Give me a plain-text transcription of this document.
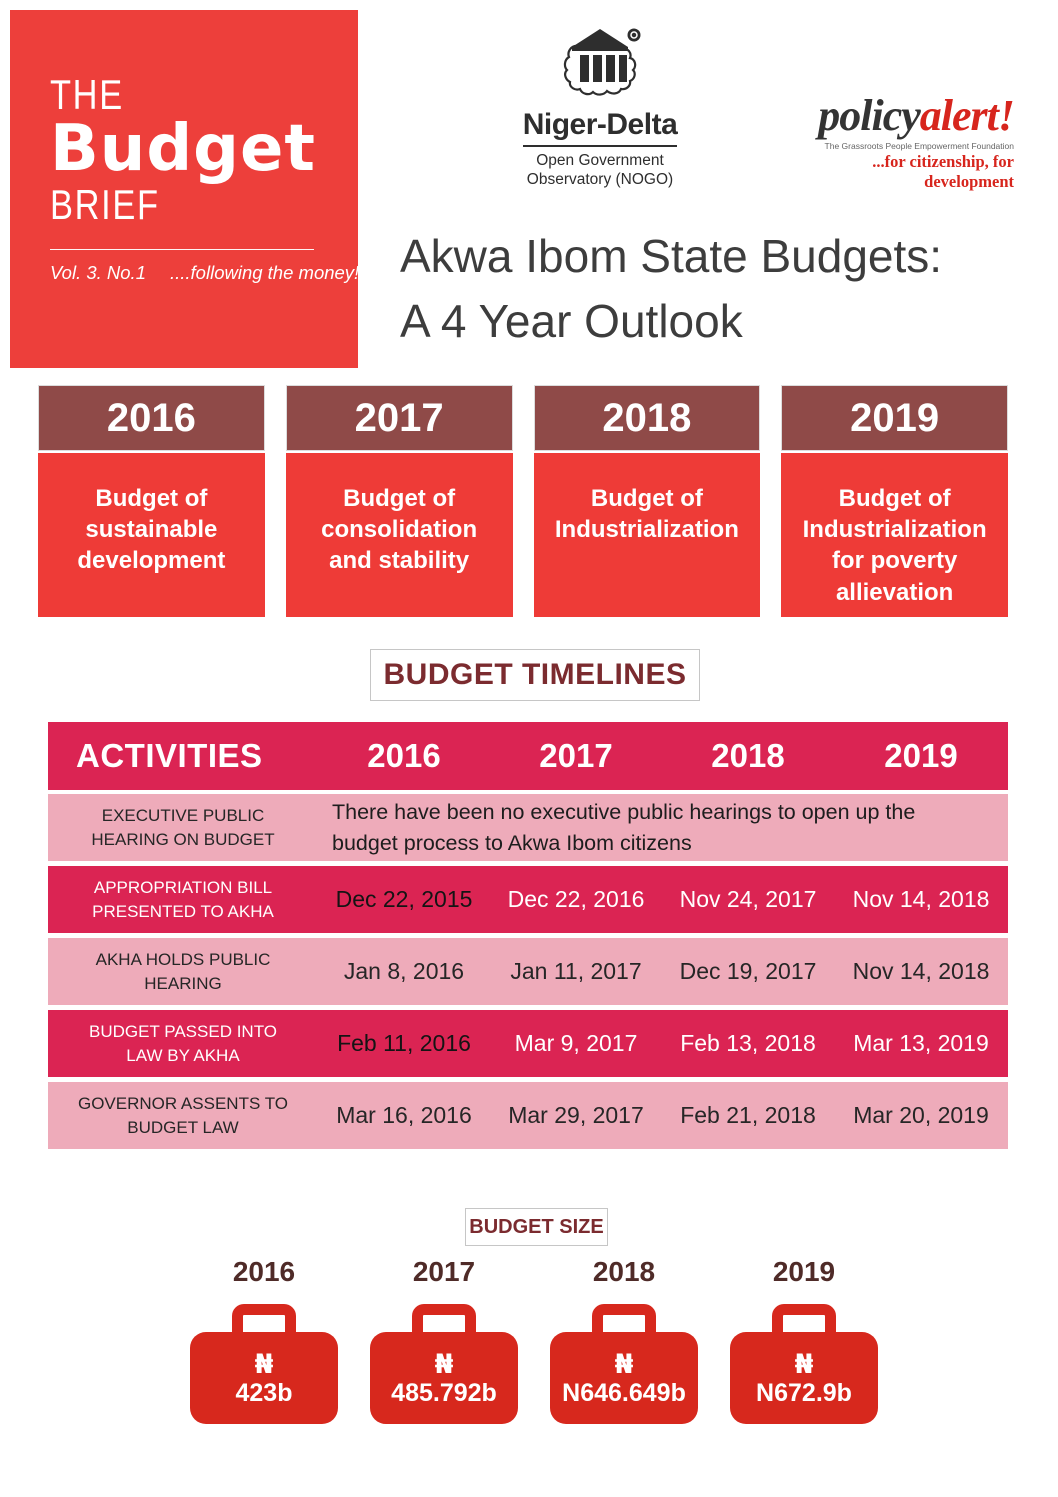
THE
Budget
BRIEF
Vol. 3. No.1 ....following the money!
Niger-Delta
Open Government
Observatory (NOGO)
policyalert!
The Grassroots People Empowerment Foundation
...for citizenship, for development
Akwa Ibom State Budgets:
A 4 Year Outlook
2016
Budget of sustainable development
2017
Budget of consolidation and stability
2018
Budget of Industrialization
2019
Budget of Industrialization for poverty allievation
BUDGET TIMELINES
ACTIVITIES	2016	2017	2018	2019
EXECUTIVE PUBLIC HEARING ON BUDGET
There have been no executive public hearings to open up the budget process to Akwa Ibom citizens
APPROPRIATION BILL PRESENTED TO AKHA	Dec 22, 2015	Dec 22, 2016	Nov 24, 2017	Nov 14, 2018
AKHA HOLDS PUBLIC HEARING	Jan 8, 2016	Jan 11, 2017	Dec 19, 2017	Nov 14, 2018
BUDGET PASSED INTO LAW BY AKHA	Feb 11, 2016	Mar 9, 2017	Feb 13, 2018	Mar 13, 2019
GOVERNOR ASSENTS TO BUDGET LAW	Mar 16, 2016	Mar 29, 2017	Feb 21, 2018	Mar 20, 2019
BUDGET SIZE
2016
₦
423b
2017
₦
485.792b
2018
₦
N646.649b
2019
₦
N672.9b
